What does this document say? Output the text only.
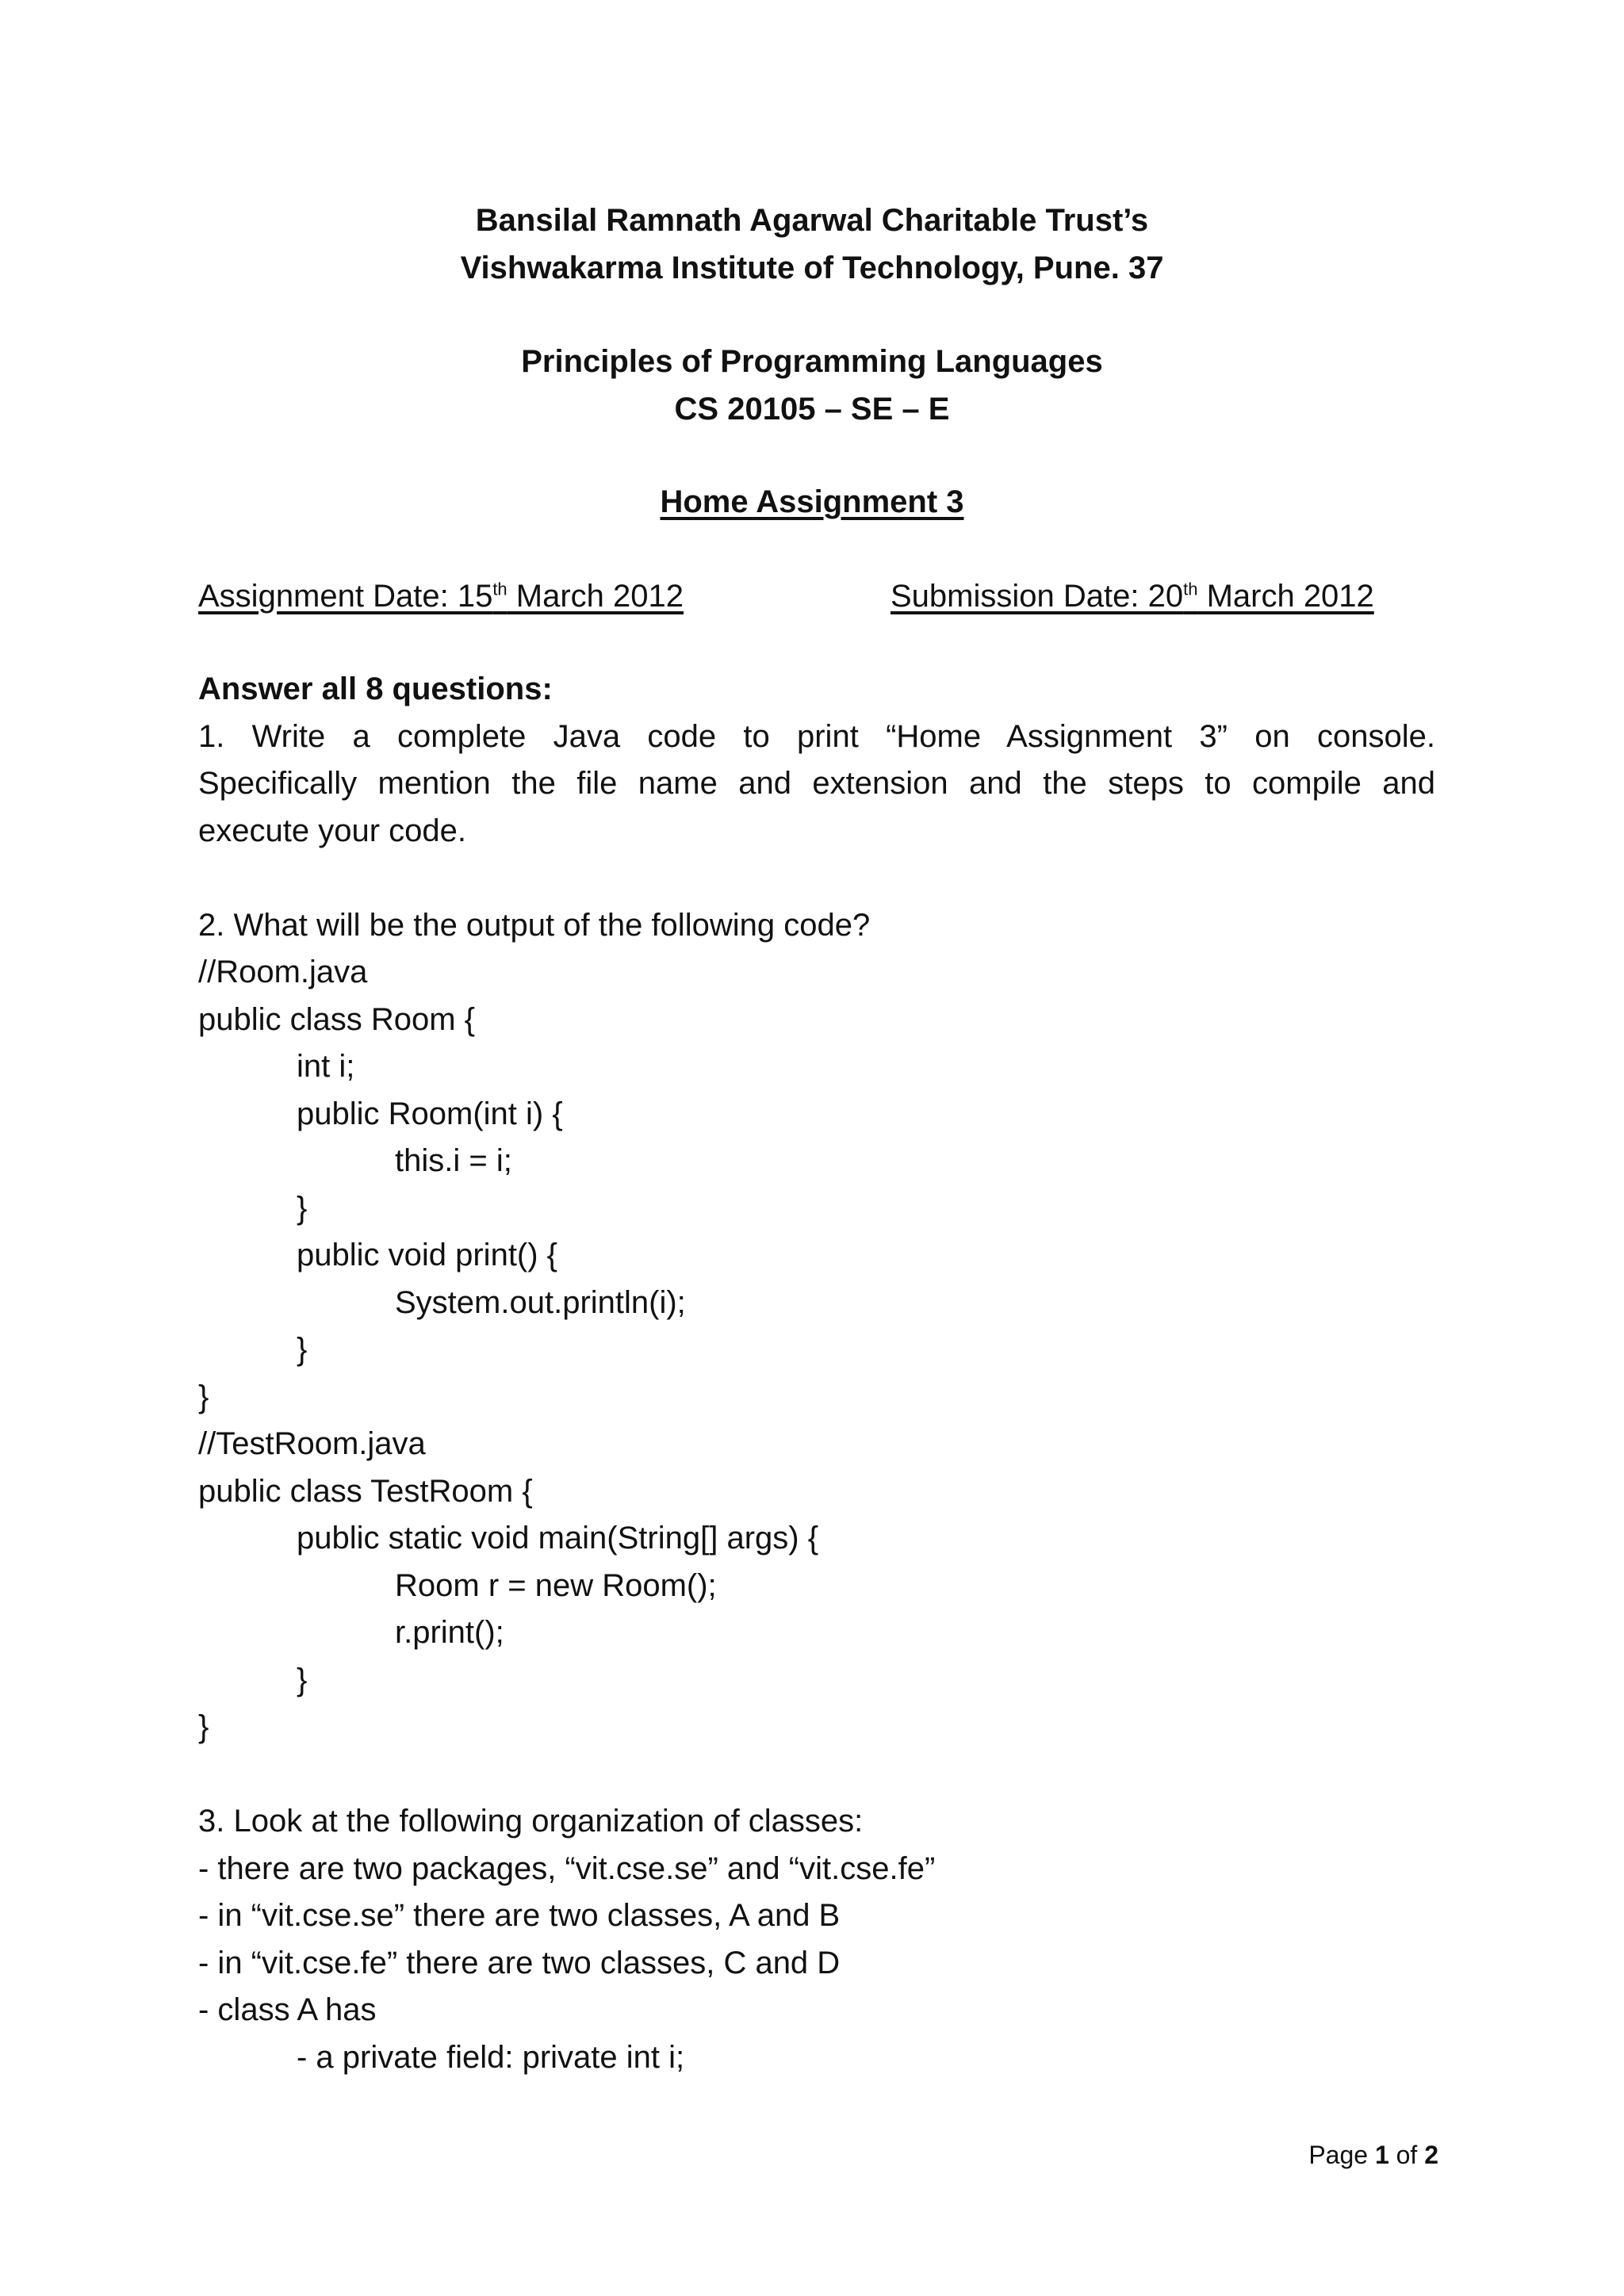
Bansilal Ramnath Agarwal Charitable Trust’s
Vishwakarma Institute of Technology, Pune. 37
Principles of Programming Languages
CS 20105 – SE – E
Home Assignment 3
Assignment Date: 15th March 2012	Submission Date: 20th March 2012
Answer all 8 questions:
1. Write a complete Java code to print “Home Assignment 3” on console.
Specifically mention the file name and extension and the steps to compile and
execute your code.
2. What will be the output of the following code?
//Room.java
public class Room {
int i;
public Room(int i) {
this.i = i;
}
public void print() {
System.out.println(i);
}
}
//TestRoom.java
public class TestRoom {
public static void main(String[] args) {
Room r = new Room();
r.print();
}
}
3. Look at the following organization of classes:
- there are two packages, “vit.cse.se” and “vit.cse.fe”
- in “vit.cse.se” there are two classes, A and B
- in “vit.cse.fe” there are two classes, C and D
- class A has
- a private field: private int i;
Page 1 of 2
